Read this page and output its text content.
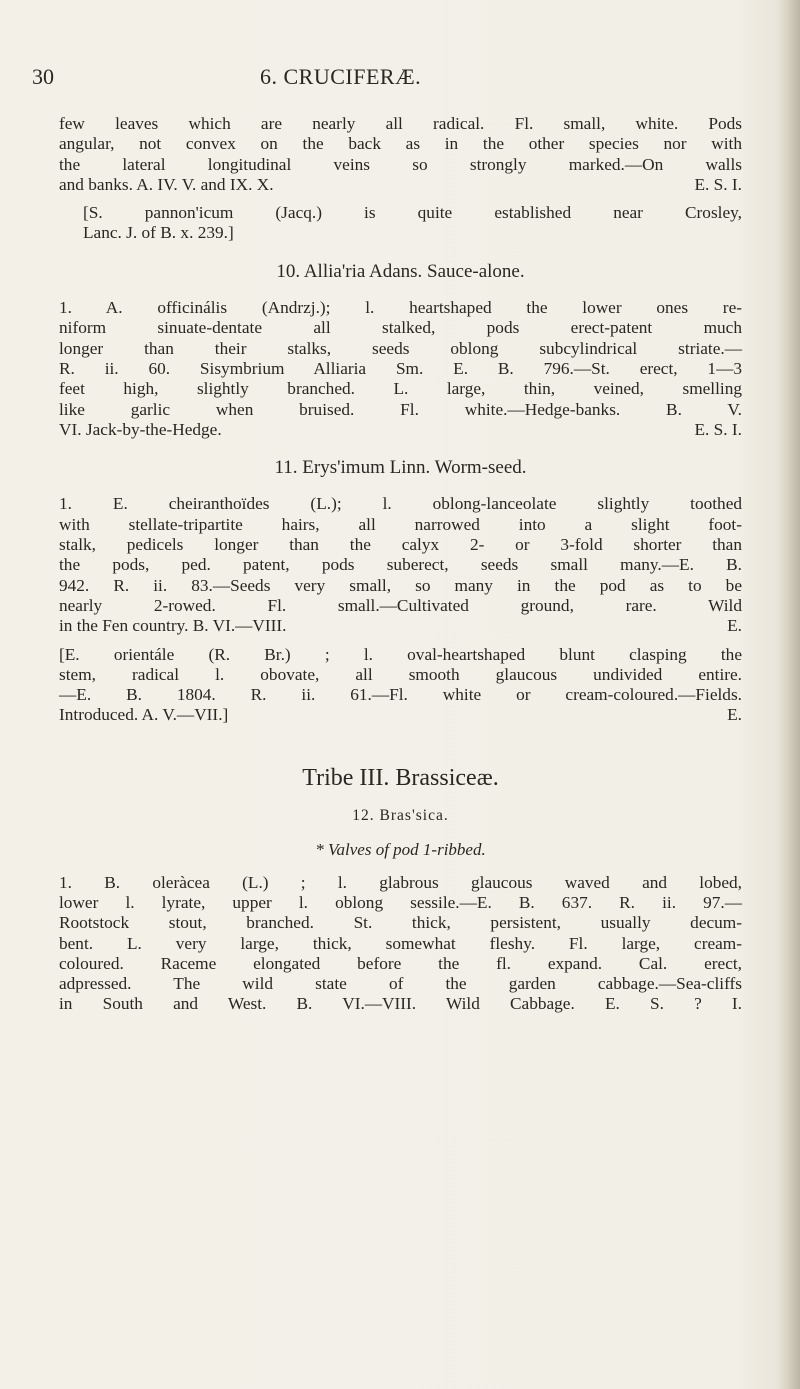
30	6. CRUCIFERÆ.

few leaves which are nearly all radical. Fl. small, white. Pods
angular, not convex on the back as in the other species nor with
the lateral longitudinal veins so strongly marked.—On walls
and banks. A. IV. V. and IX. X.	E. S. I.

[S. pannon'icum (Jacq.) is quite established near Crosley,
Lanc. J. of B. x. 239.]

10. Allia'ria Adans. Sauce-alone.

1. A. officinális (Andrzj.); l. heartshaped the lower ones re-
niform sinuate-dentate all stalked, pods erect-patent much
longer than their stalks, seeds oblong subcylindrical striate.—
R. ii. 60. Sisymbrium Alliaria Sm. E. B. 796.—St. erect, 1—3
feet high, slightly branched. L. large, thin, veined, smelling
like garlic when bruised. Fl. white.—Hedge-banks. B. V.
VI. Jack-by-the-Hedge.	E. S. I.

11. Erys'imum Linn. Worm-seed.

1. E. cheiranthoïdes (L.); l. oblong-lanceolate slightly toothed
with stellate-tripartite hairs, all narrowed into a slight foot-
stalk, pedicels longer than the calyx 2- or 3-fold shorter than
the pods, ped. patent, pods suberect, seeds small many.—E. B.
942. R. ii. 83.—Seeds very small, so many in the pod as to be
nearly 2-rowed. Fl. small.—Cultivated ground, rare. Wild
in the Fen country. B. VI.—VIII.	E.

[E. orientále (R. Br.) ; l. oval-heartshaped blunt clasping the
stem, radical l. obovate, all smooth glaucous undivided entire.
—E. B. 1804. R. ii. 61.—Fl. white or cream-coloured.—Fields.
Introduced. A. V.—VII.]	E.

Tribe III. Brassiceæ.
12. Bras'sica.
* Valves of pod 1-ribbed.

1. B. oleràcea (L.) ; l. glabrous glaucous waved and lobed,
lower l. lyrate, upper l. oblong sessile.—E. B. 637. R. ii. 97.—
Rootstock stout, branched. St. thick, persistent, usually decum-
bent. L. very large, thick, somewhat fleshy. Fl. large, cream-
coloured. Raceme elongated before the fl. expand. Cal. erect,
adpressed. The wild state of the garden cabbage.—Sea-cliffs
in South and West. B. VI.—VIII. Wild Cabbage. E. S. ? I.
